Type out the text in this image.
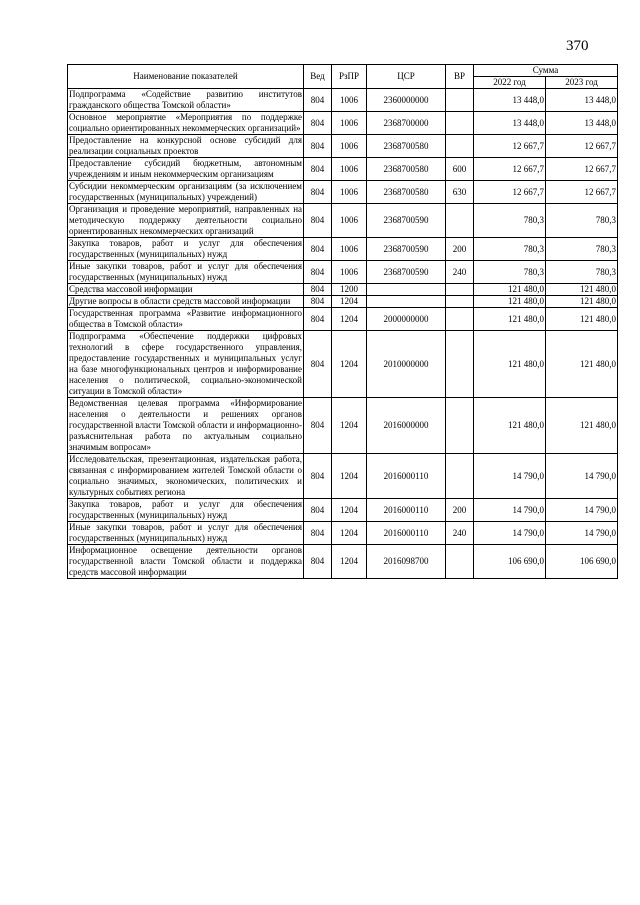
370
Наименование показателей	Вед	РзПР	ЦСР	ВР	Сумма	
					2022 год	2023 год
Подпрограмма «Содействие развитию институтов гражданского общества Томской области»	804	1006	2360000000		13 448,0	13 448,0
Основное мероприятие «Мероприятия по поддержке социально ориентированных некоммерческих организаций»	804	1006	2368700000		13 448,0	13 448,0
Предоставление на конкурсной основе субсидий для реализации социальных проектов	804	1006	2368700580		12 667,7	12 667,7
Предоставление субсидий бюджетным, автономным учреждениям и иным некоммерческим организациям	804	1006	2368700580	600	12 667,7	12 667,7
Субсидии некоммерческим организациям (за исключением государственных (муниципальных) учреждений)	804	1006	2368700580	630	12 667,7	12 667,7
Организация и проведение мероприятий, направленных на методическую поддержку деятельности социально ориентированных некоммерческих организаций	804	1006	2368700590		780,3	780,3
Закупка товаров, работ и услуг для обеспечения государственных (муниципальных) нужд	804	1006	2368700590	200	780,3	780,3
Иные закупки товаров, работ и услуг для обеспечения государственных (муниципальных) нужд	804	1006	2368700590	240	780,3	780,3
Средства массовой информации	804	1200			121 480,0	121 480,0
Другие вопросы в области средств массовой информации	804	1204			121 480,0	121 480,0
Государственная программа «Развитие информационного общества в Томской области»	804	1204	2000000000		121 480,0	121 480,0
Подпрограмма «Обеспечение поддержки цифровых технологий в сфере государственного управления, предоставление государственных и муниципальных услуг на базе многофункциональных центров и информирование населения о политической, социально-экономической ситуации в Томской области»	804	1204	2010000000		121 480,0	121 480,0
Ведомственная целевая программа «Информирование населения о деятельности и решениях органов государственной власти Томской области и информационно-разъяснительная работа по актуальным социально значимым вопросам»	804	1204	2016000000		121 480,0	121 480,0
Исследовательская, презентационная, издательская работа, связанная с информированием жителей Томской области о социально значимых, экономических, политических и культурных событиях региона	804	1204	2016000110		14 790,0	14 790,0
Закупка товаров, работ и услуг для обеспечения государственных (муниципальных) нужд	804	1204	2016000110	200	14 790,0	14 790,0
Иные закупки товаров, работ и услуг для обеспечения государственных (муниципальных) нужд	804	1204	2016000110	240	14 790,0	14 790,0
Информационное освещение деятельности органов государственной власти Томской области и поддержка средств массовой информации	804	1204	2016098700		106 690,0	106 690,0
